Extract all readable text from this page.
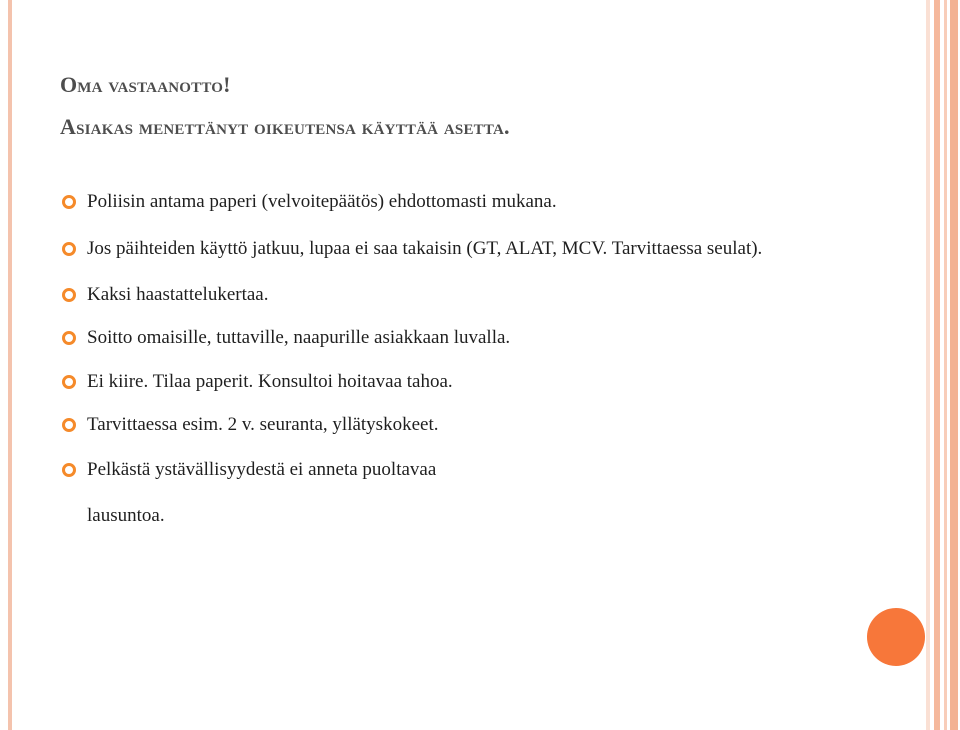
Oma vastaanotto!
Asiakas menettänyt oikeutensa käyttää asetta.
Poliisin antama paperi (velvoitepäätös) ehdottomasti mukana.
Jos päihteiden käyttö jatkuu, lupaa ei saa takaisin (GT, ALAT, MCV. Tarvittaessa seulat).
Kaksi haastattelukertaa.
Soitto omaisille, tuttaville, naapurille asiakkaan luvalla.
Ei kiire. Tilaa paperit. Konsultoi hoitavaa tahoa.
Tarvittaessa esim. 2 v. seuranta, yllätyskokeet.
Pelkästä ystävällisyydestä ei anneta puoltavaa
lausuntoa.
